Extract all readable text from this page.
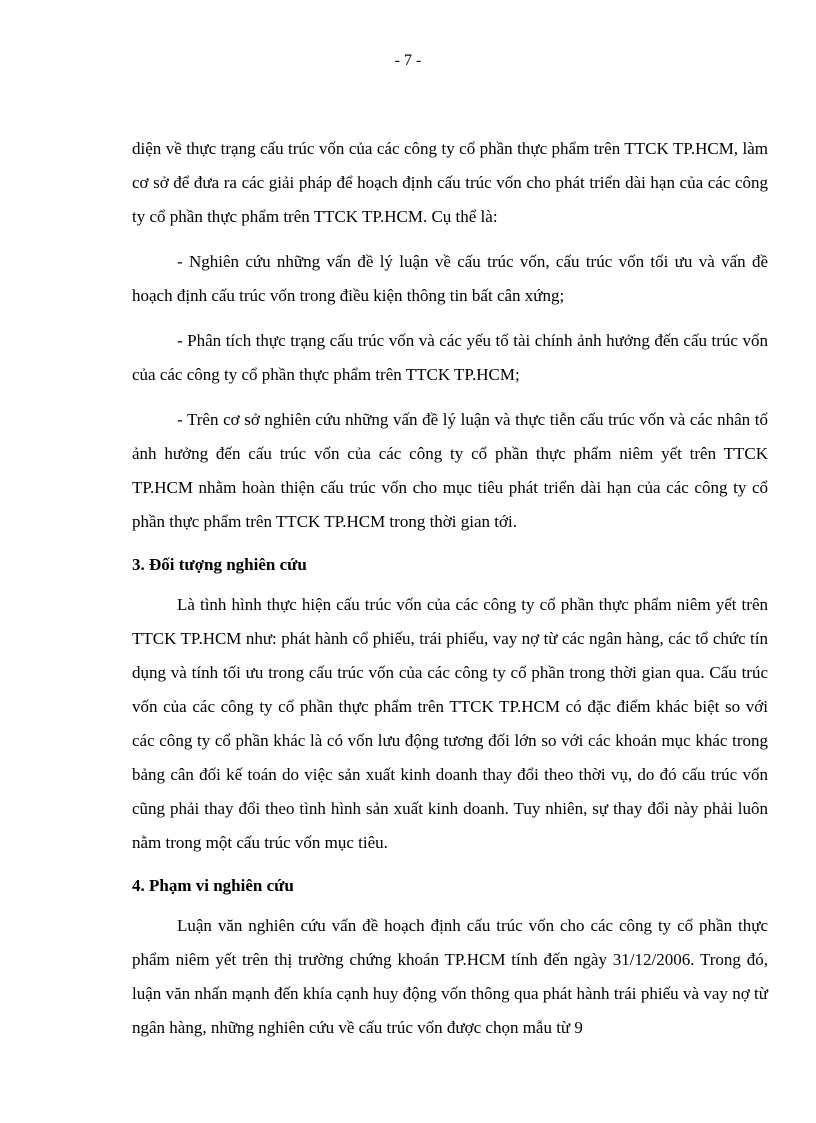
- 7 -

diện về thực trạng cấu trúc vốn của các công ty cổ phần thực phẩm trên TTCK TP.HCM, làm cơ sở để đưa ra các giải pháp để hoạch định cấu trúc vốn cho phát triển dài hạn của các công ty cổ phần thực phẩm trên TTCK TP.HCM. Cụ thể là:

- Nghiên cứu những vấn đề lý luận về cấu trúc vốn, cấu trúc vốn tối ưu và vấn đề hoạch định cấu trúc vốn trong điều kiện thông tin bất cân xứng;

- Phân tích thực trạng cấu trúc vốn và các yếu tố tài chính ảnh hưởng đến cấu trúc vốn của các công ty cổ phần thực phẩm trên TTCK TP.HCM;

- Trên cơ sở nghiên cứu những vấn đề lý luận và thực tiễn cấu trúc vốn và các nhân tố ảnh hưởng đến cấu trúc vốn của các công ty cổ phần thực phẩm niêm yết trên TTCK TP.HCM nhằm hoàn thiện cấu trúc vốn cho mục tiêu phát triển dài hạn của các công ty cổ phần thực phẩm trên TTCK TP.HCM trong thời gian tới.

3. Đối tượng nghiên cứu

Là tình hình thực hiện cấu trúc vốn của các công ty cổ phần thực phẩm niêm yết trên TTCK TP.HCM như: phát hành cổ phiếu, trái phiếu, vay nợ từ các ngân hàng, các tổ chức tín dụng và tính tối ưu trong cấu trúc vốn của các công ty cổ phần trong thời gian qua. Cấu trúc vốn của các công ty cổ phần thực phẩm trên TTCK TP.HCM có đặc điểm khác biệt so với các công ty cổ phần khác là có vốn lưu động tương đối lớn so với các khoản mục khác trong bảng cân đối kế toán do việc sản xuất kinh doanh thay đổi theo thời vụ, do đó cấu trúc vốn cũng phải thay đổi theo tình hình sản xuất kinh doanh. Tuy nhiên, sự thay đổi này phải luôn nằm trong một cấu trúc vốn mục tiêu.

4. Phạm vi nghiên cứu

Luận văn nghiên cứu vấn đề hoạch định cấu trúc vốn cho các công ty cổ phần thực phẩm niêm yết trên thị trường chứng khoán TP.HCM tính đến ngày 31/12/2006. Trong đó, luận văn nhấn mạnh đến khía cạnh huy động vốn thông qua phát hành trái phiếu và vay nợ từ ngân hàng, những nghiên cứu về cấu trúc vốn được chọn mẫu từ 9
